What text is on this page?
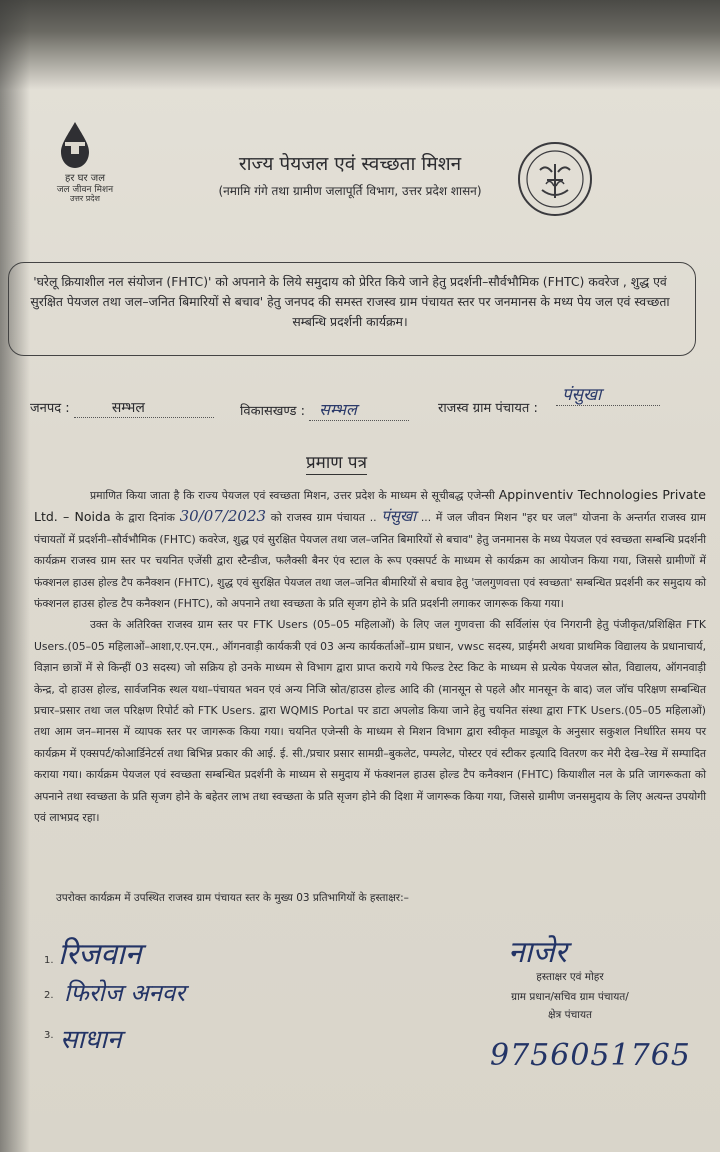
हर घर जल
जल जीवन मिशन
उत्तर प्रदेश
राज्य पेयजल एवं स्वच्छता मिशन
(नमामि गंगे तथा ग्रामीण जलापूर्ति विभाग, उत्तर प्रदेश शासन)
'घरेलू क्रियाशील नल संयोजन (FHTC)' को अपनाने के लिये समुदाय को प्रेरित किये जाने हेतु प्रदर्शनी–सौर्वभौमिक (FHTC) कवरेज , शुद्ध एवं सुरक्षित पेयजल तथा जल–जनित बिमारियों से बचाव' हेतु जनपद की समस्त राजस्व ग्राम पंचायत स्तर पर जनमानस के मध्य पेय जल एवं स्वच्छता सम्बन्धि प्रदर्शनी कार्यक्रम।
जनपद :	सम्भल	विकासखण्ड : सम्भल	राजस्व ग्राम पंचायत :
पंसुखा
प्रमाण पत्र

प्रमाणित किया जाता है कि राज्य पेयजल एवं स्वच्छता मिशन, उत्तर प्रदेश के माध्यम से सूचीबद्ध एजेन्सी Appinventiv Technologies Private Ltd. – Noida के द्वारा दिनांक 30/07/2023 को राजस्व ग्राम पंचायत .. पंसुखा ... में जल जीवन मिशन "हर घर जल" योजना के अन्तर्गत राजस्व ग्राम पंचायतों में प्रदर्शनी–सौर्वभौमिक (FHTC) कवरेज, शुद्ध एवं सुरक्षित पेयजल तथा जल–जनित बिमारियों से बचाव" हेतु जनमानस के मध्य पेयजल एवं स्वच्छता सम्बन्धि प्रदर्शनी कार्यक्रम राजस्व ग्राम स्तर पर चयनित एजेंसी द्वारा स्टैन्डीज, फलैक्सी बैनर एंव स्टाल के रूप एक्सपर्ट के माध्यम से कार्यक्रम का आयोजन किया गया, जिससे ग्रामीणों में फंक्शनल हाउस होल्ड टैप कनैक्शन (FHTC), शुद्ध एवं सुरक्षित पेयजल तथा जल–जनित बीमारियों से बचाव हेतु 'जलगुणवत्ता एवं स्वच्छता' सम्बन्धित प्रदर्शनी कर समुदाय को फंक्शनल हाउस होल्ड टैप कनैक्शन (FHTC), को अपनाने तथा स्वच्छता के प्रति सृजग होने के प्रति प्रदर्शनी लगाकर जागरूक किया गया।

उक्त के अतिरिक्त राजस्व ग्राम स्तर पर FTK Users (05–05 महिलाओं) के लिए जल गुणवत्ता की सर्विलांस एंव निगरानी हेतु पंजीकृत/प्रशिक्षित FTK Users.(05–05 महिलाओं–आशा,ए.एन.एम., ऑगनवाड़ी कार्यकत्री एवं 03 अन्य कार्यकर्ताओं–ग्राम प्रधान, vwsc सदस्य, प्राईमरी अथवा प्राथमिक विद्यालय के प्रधानाचार्य, विज्ञान छात्रों में से किन्हीं 03 सदस्य) जो सक्रिय हो उनके माध्यम से विभाग द्वारा प्राप्त कराये गये फिल्ड टेस्ट किट के माध्यम से प्रत्येक पेयजल स्रोत, विद्यालय, ऑगनवाड़ी केन्द्र, दो हाउस होल्ड, सार्वजनिक स्थल यथा–पंचायत भवन एवं अन्य निजि स्रोत/हाउस होल्ड आदि की (मानसून से पहले और मानसून के बाद) जल जॉच परिक्षण सम्बन्धित प्रचार–प्रसार तथा जल परिक्षण रिपोर्ट को FTK Users. द्वारा WQMIS Portal पर डाटा अपलोड किया जाने हेतु चयनित संस्था द्वारा FTK Users.(05–05 महिलाओं) तथा आम जन–मानस में व्यापक स्तर पर जागरूक किया गया। चयनित एजेन्सी के माध्यम से मिशन विभाग द्वारा स्वीकृत माड्यूल के अनुसार सकुशल निर्धारित समय पर कार्यक्रम में एक्सपर्ट/कोआर्डिनेटर्स तथा बिभिन्न प्रकार की आई. ई. सी./प्रचार प्रसार सामग्री–बुकलेट, पम्पलेट, पोस्टर एवं स्टीकर इत्यादि वितरण कर मेरी देख–रेख में सम्पादित कराया गया। कार्यक्रम पेयजल एवं स्वच्छता सम्बन्धित प्रदर्शनी के माध्यम से समुदाय में फंक्शनल हाउस होल्ड टैप कनैक्शन (FHTC) कियाशील नल के प्रति जागरूकता को अपनाने तथा स्वच्छता के प्रति सृजग होने के बहेतर लाभ तथा स्वच्छता के प्रति सृजग होने की दिशा में जागरूक किया गया, जिससे ग्रामीण जनसमुदाय के लिए अत्यन्त उपयोगी एवं लाभप्रद रहा।

उपरोक्त कार्यक्रम में उपस्थित राजस्व ग्राम पंचायत स्तर के मुख्य 03 प्रतिभागियों के हस्ताक्षर:–
1. रिजवान
2. फिरोज अनवर
3. साधान
नाजेर
हस्ताक्षर एवं मोहर
ग्राम प्रधान/सचिव ग्राम पंचायत/
क्षेत्र पंचायत
9756051765
